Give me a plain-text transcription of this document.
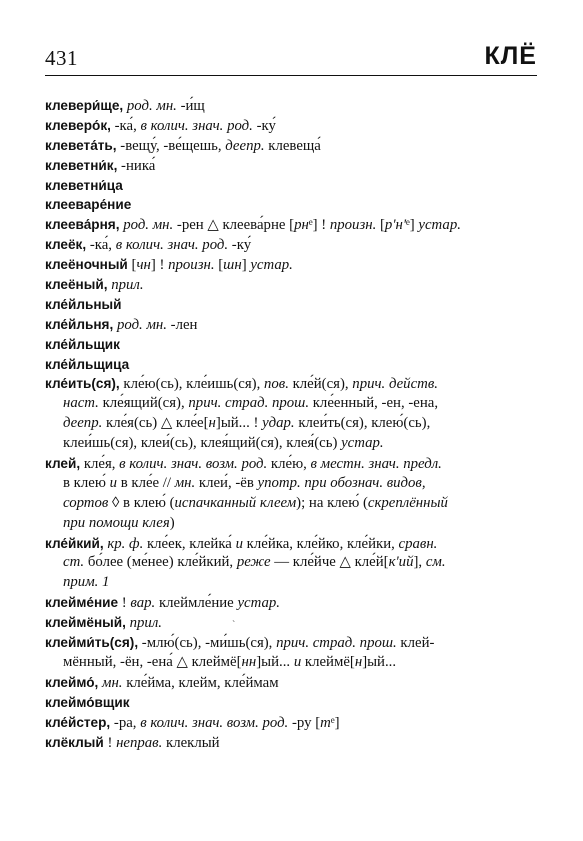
431	КЛЁ
клевери́ще, род. мн. -и́щ
клеверо́к, -ка́, в колич. знач. род. -ку́
клевета́ть, -вещу́, -ве́щешь, деепр. клевеща́
клеветни́к, -ника́
клеветни́ца
клееваре́ние
клеева́рня, род. мн. -рен △ клеева́рне [рнᵉ] ! произн. [р'н'ᵉ] устар.
клеёк, -ка́, в колич. знач. род. -ку́
клеёночный [чн] ! произн. [шн] устар.
клеёный, прил.
кле́йльный
кле́йльня, род. мн. -лен
кле́йльщик
кле́йльщица
кле́ить(ся), кле́ю(сь), кле́ишь(ся), пов. кле́й(ся), прич. действ.
наст. кле́ящий(ся), прич. страд. прош. кле́енный, -ен, -ена,
деепр. кле́я(сь) △ кле́е[н]ый... ! удар. клеи́ть(ся), клею́(сь),
клеи́шь(ся), клеи́(сь), клея́щий(ся), клея́(сь) устар.
клей, кле́я, в колич. знач. возм. род. кле́ю, в местн. знач. предл.
в клею́ и в кле́е // мн. клеи́, -ёв употр. при обознач. видов,
сортов ◊ в клею́ (испачканный клеем); на клею́ (скреплённый
при помощи клея)
кле́йкий, кр. ф. кле́ек, клейка́ и кле́йка, кле́йко, кле́йки, сравн.
ст. бо́лее (ме́нее) кле́йкий, реже — кле́йче △ кле́й[к'ий], см.
прим. 1
клейме́ние ! вар. клеймле́ние устар.
клеймёный, прил.
клейми́ть(ся), -млю́(сь), -ми́шь(ся), прич. страд. прош. клей-
мённый, -ён, -ена́ △ клеймё[нн]ый... и клеймё[н]ый...
клеймо́, мн. кле́йма, клейм, кле́ймам
клеймо́вщик
кле́йстер, -ра, в колич. знач. возм. род. -ру [тᵉ]
клёклый ! неправ. клеклый
ˋ
